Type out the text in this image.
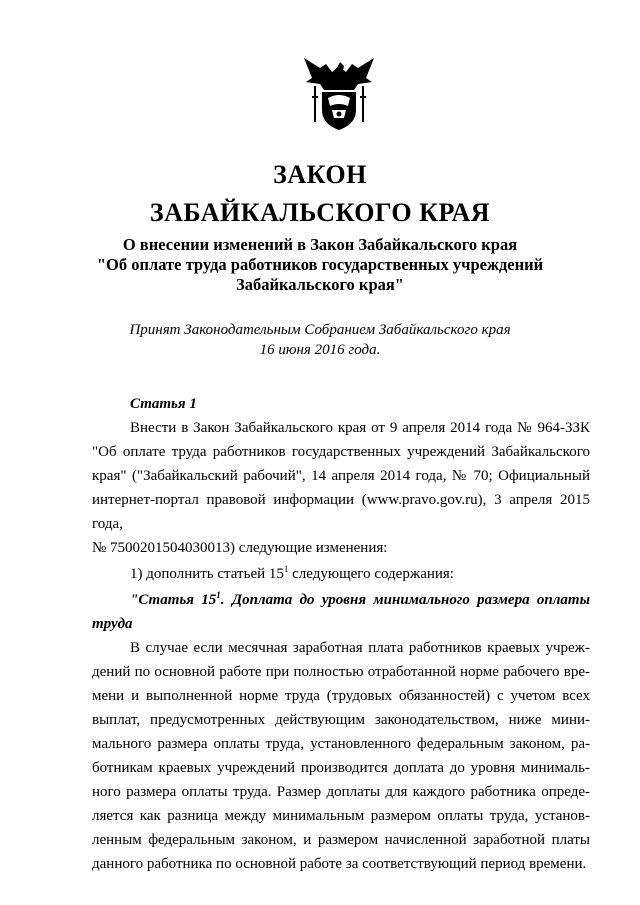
ЗАКОН
ЗАБАЙКАЛЬСКОГО КРАЯ
О внесении изменений в Закон Забайкальского края
"Об оплате труда работников государственных учреждений
Забайкальского края"
Принят Законодательным Собранием Забайкальского края
16 июня 2016 года.

Статья 1

Внести в Закон Забайкальского края от 9 апреля 2014 года № 964-ЗЗК

"Об оплате труда работников государственных учреждений Забайкальского

края" ("Забайкальский рабочий", 14 апреля 2014 года, № 70; Официальный

интернет-портал правовой информации (www.pravo.gov.ru), 3 апреля 2015 года,

№ 7500201504030013) следующие изменения:

1) дополнить статьей $15^1$ следующего содержания:

"Статья $15^1$. Доплата до уровня минимального размера оплаты

труда

В случае если месячная заработная плата работников краевых учреж-

дений по основной работе при полностью отработанной норме рабочего вре-

мени и выполненной норме труда (трудовых обязанностей) с учетом всех

выплат, предусмотренных действующим законодательством, ниже мини-

мального размера оплаты труда, установленного федеральным законом, ра-

ботникам краевых учреждений производится доплата до уровня минималь-

ного размера оплаты труда. Размер доплаты для каждого работника опреде-

ляется как разница между минимальным размером оплаты труда, установ-

ленным федеральным законом, и размером начисленной заработной платы

данного работника по основной работе за соответствующий период времени.
